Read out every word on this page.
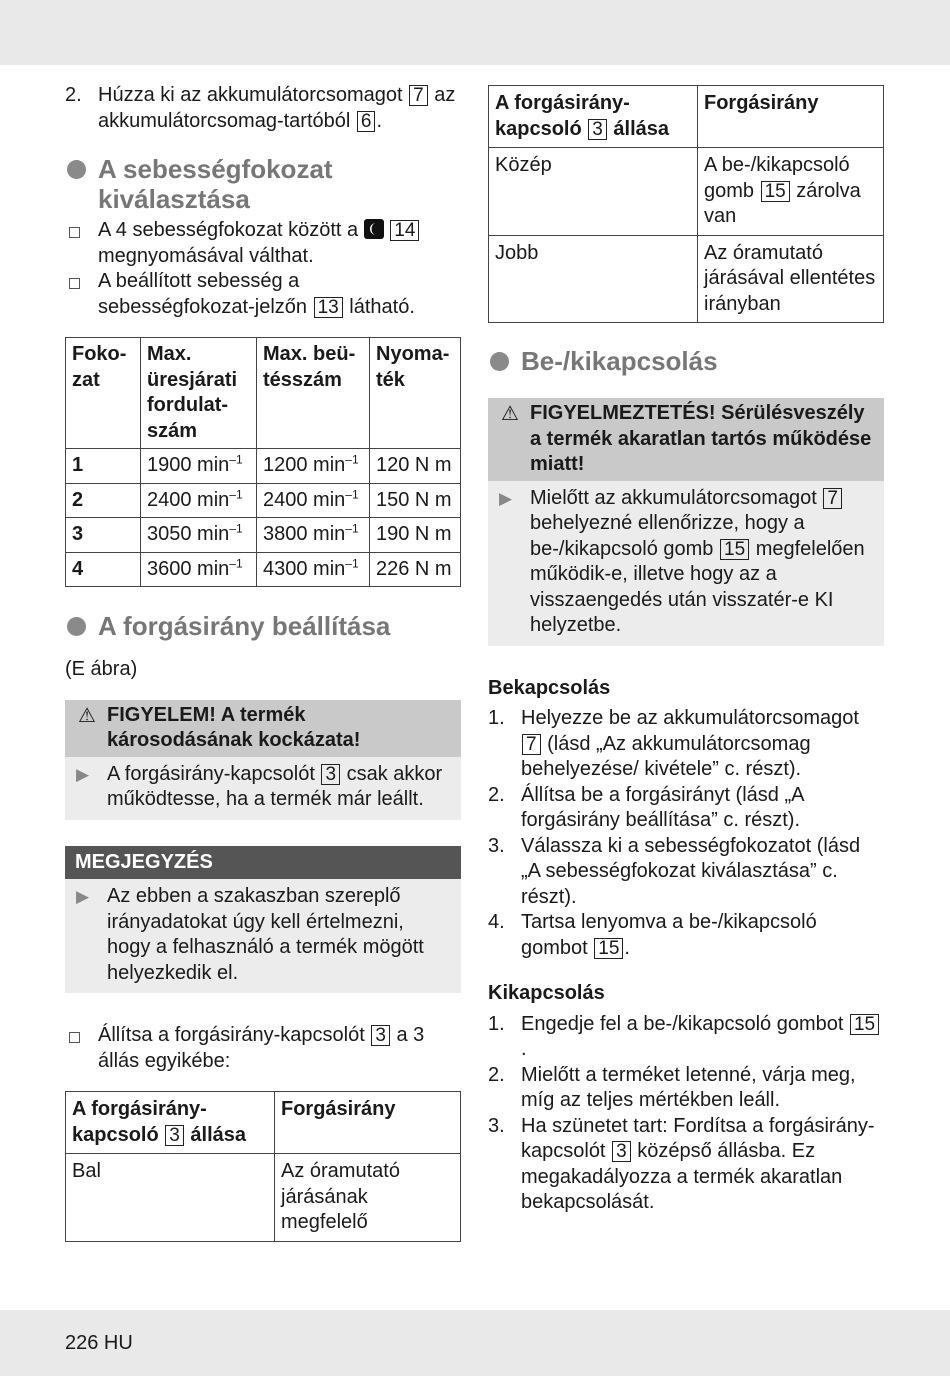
2. Húzza ki az akkumulátorcsomagot 7 az akkumulátorcsomag-tartóból 6 .
A sebességfokozat kiválasztása
A 4 sebességfokozat között a 14 megnyomásával válthat.
A beállított sebesség a sebességfokozat-jelzőn 13 látható.
Foko-zat	Max. üresjárati fordulat-szám	Max. beü-tésszám	Nyoma-ték
1	1900 $\min^{-1}$	1200 $\min^{-1}$	120 N m
2	2400 $\min^{-1}$	2400 $\min^{-1}$	150 N m
3	3050 $\min^{-1}$	3800 $\min^{-1}$	190 N m
4	3600 $\min^{-1}$	4300 $\min^{-1}$	226 N m
A forgásirány beállítása
(E ábra)
⚠ FIGYELEM! A termék károsodásának kockázata!
▶ A forgásirány-kapcsolót 3 csak akkor működtesse, ha a termék már leállt.
MEGJEGYZÉS
▶ Az ebben a szakaszban szereplő irányadatokat úgy kell értelmezni, hogy a felhasználó a termék mögött helyezkedik el.
Állítsa a forgásirány-kapcsolót 3 a 3 állás egyikébe:
A forgásirány-kapcsoló 3 állása	Forgásirány
Bal	Az óramutató járásának megfelelő
A forgásirány-kapcsoló 3 állása	Forgásirány
Közép	A be-/kikapcsoló gomb 15 zárolva van
Jobb	Az óramutató járásával ellentétes irányban
Be-/kikapcsolás
⚠ FIGYELMEZTETÉS! Sérülésveszély a termék akaratlan tartós működése miatt!
▶ Mielőtt az akkumulátorcsomagot 7 behelyezné ellenőrizze, hogy a be-/kikapcsoló gomb 15 megfelelően működik-e, illetve hogy az a visszaengedés után visszatér-e KI helyzetbe.
Bekapcsolás
1. Helyezze be az akkumulátorcsomagot 7 (lásd „Az akkumulátorcsomag behelyezése/ kivétele” c. részt).
2. Állítsa be a forgásirányt (lásd „A forgásirány beállítása” c. részt).
3. Válassza ki a sebességfokozatot (lásd „A sebességfokozat kiválasztása” c. részt).
4. Tartsa lenyomva a be-/kikapcsoló gombot 15 .
Kikapcsolás
1. Engedje fel a be-/kikapcsoló gombot 15.
2. Mielőtt a terméket letenné, várja meg, míg az teljes mértékben leáll.
3. Ha szünetet tart: Fordítsa a forgásirány-kapcsolót 3 középső állásba. Ez megakadályozza a termék akaratlan bekapcsolását.
226 HU
